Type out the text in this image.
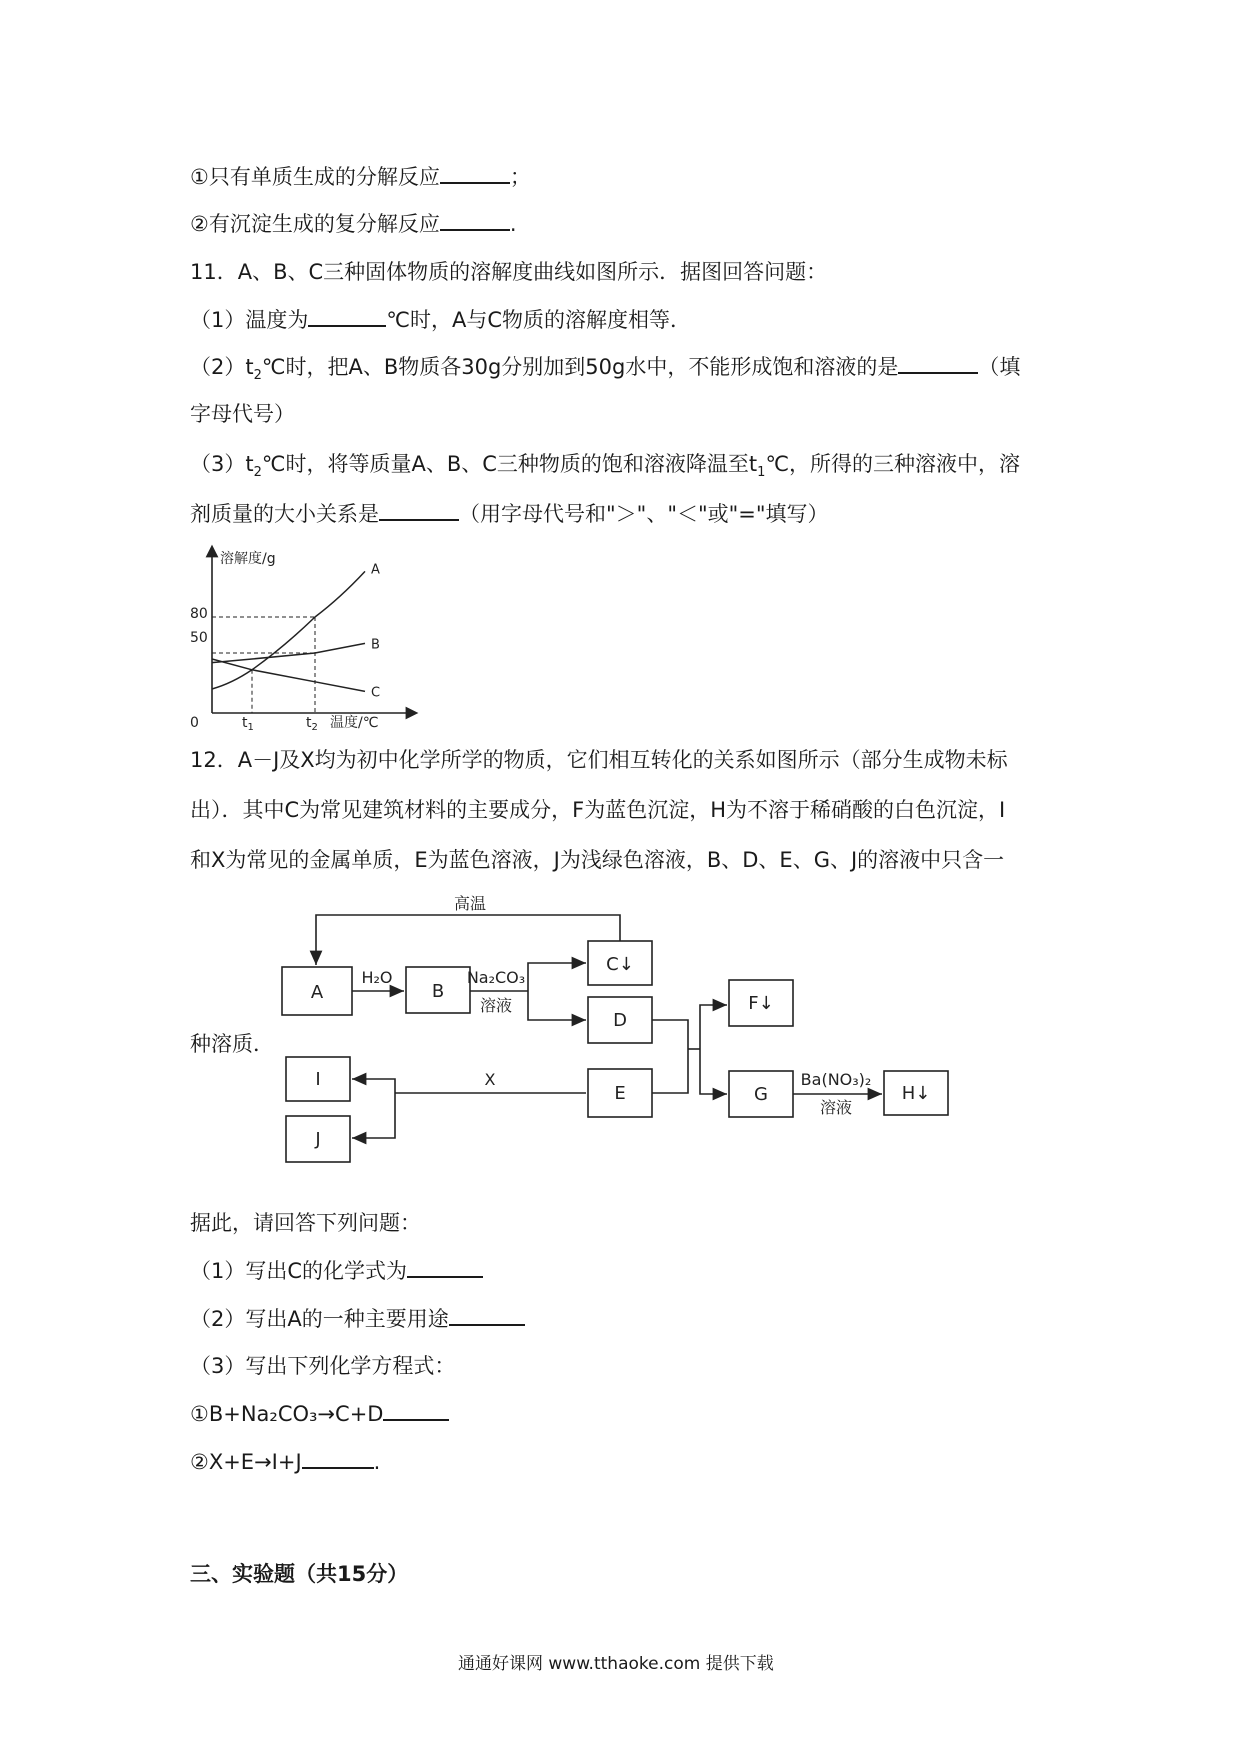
①只有单质生成的分解反应	；
②有沉淀生成的复分解反应	.
11．A、B、C三种固体物质的溶解度曲线如图所示．据图回答问题：
（1）温度为	℃时，A与C物质的溶解度相等．
$(2)t_2℃$时，把A、B物质各30g分别加到50g水中，不能形成饱和溶液的是	（填
字母代号）
$(3)t_2℃$时，将等质量A、B、C三种物质的饱和溶液降温至$t_1℃$，所得的三种溶液中，溶
剂质量的大小关系是	（用字母代号和"＞"、"＜"或"="填写）
溶解度/g
温度/℃
0	$t_1$	$t_2$
80
50
A
B
C
12．A－J及X均为初中化学所学的物质，它们相互转化的关系如图所示（部分生成物未标
出）．其中C为常见建筑材料的主要成分，F为蓝色沉淀，H为不溶于稀硝酸的白色沉淀，I
和X为常见的金属单质，E为蓝色溶液，J为浅绿色溶液，B、D、E、G、J的溶液中只含一
种溶质．
A	B
C↓
D
E
F↓
G	H↓
I
J
高温
H₂O	Na₂CO₃
溶液
X	Ba(NO₃)₂
溶液
据此，请回答下列问题：
（1）写出C的化学式为
（2）写出A的一种主要用途
（3）写出下列化学方程式：
①B+Na₂CO₃→C+D
②X+E→I+J	.
三、实验题（共15分）
通通好课网 www.tthaoke.com 提供下载
